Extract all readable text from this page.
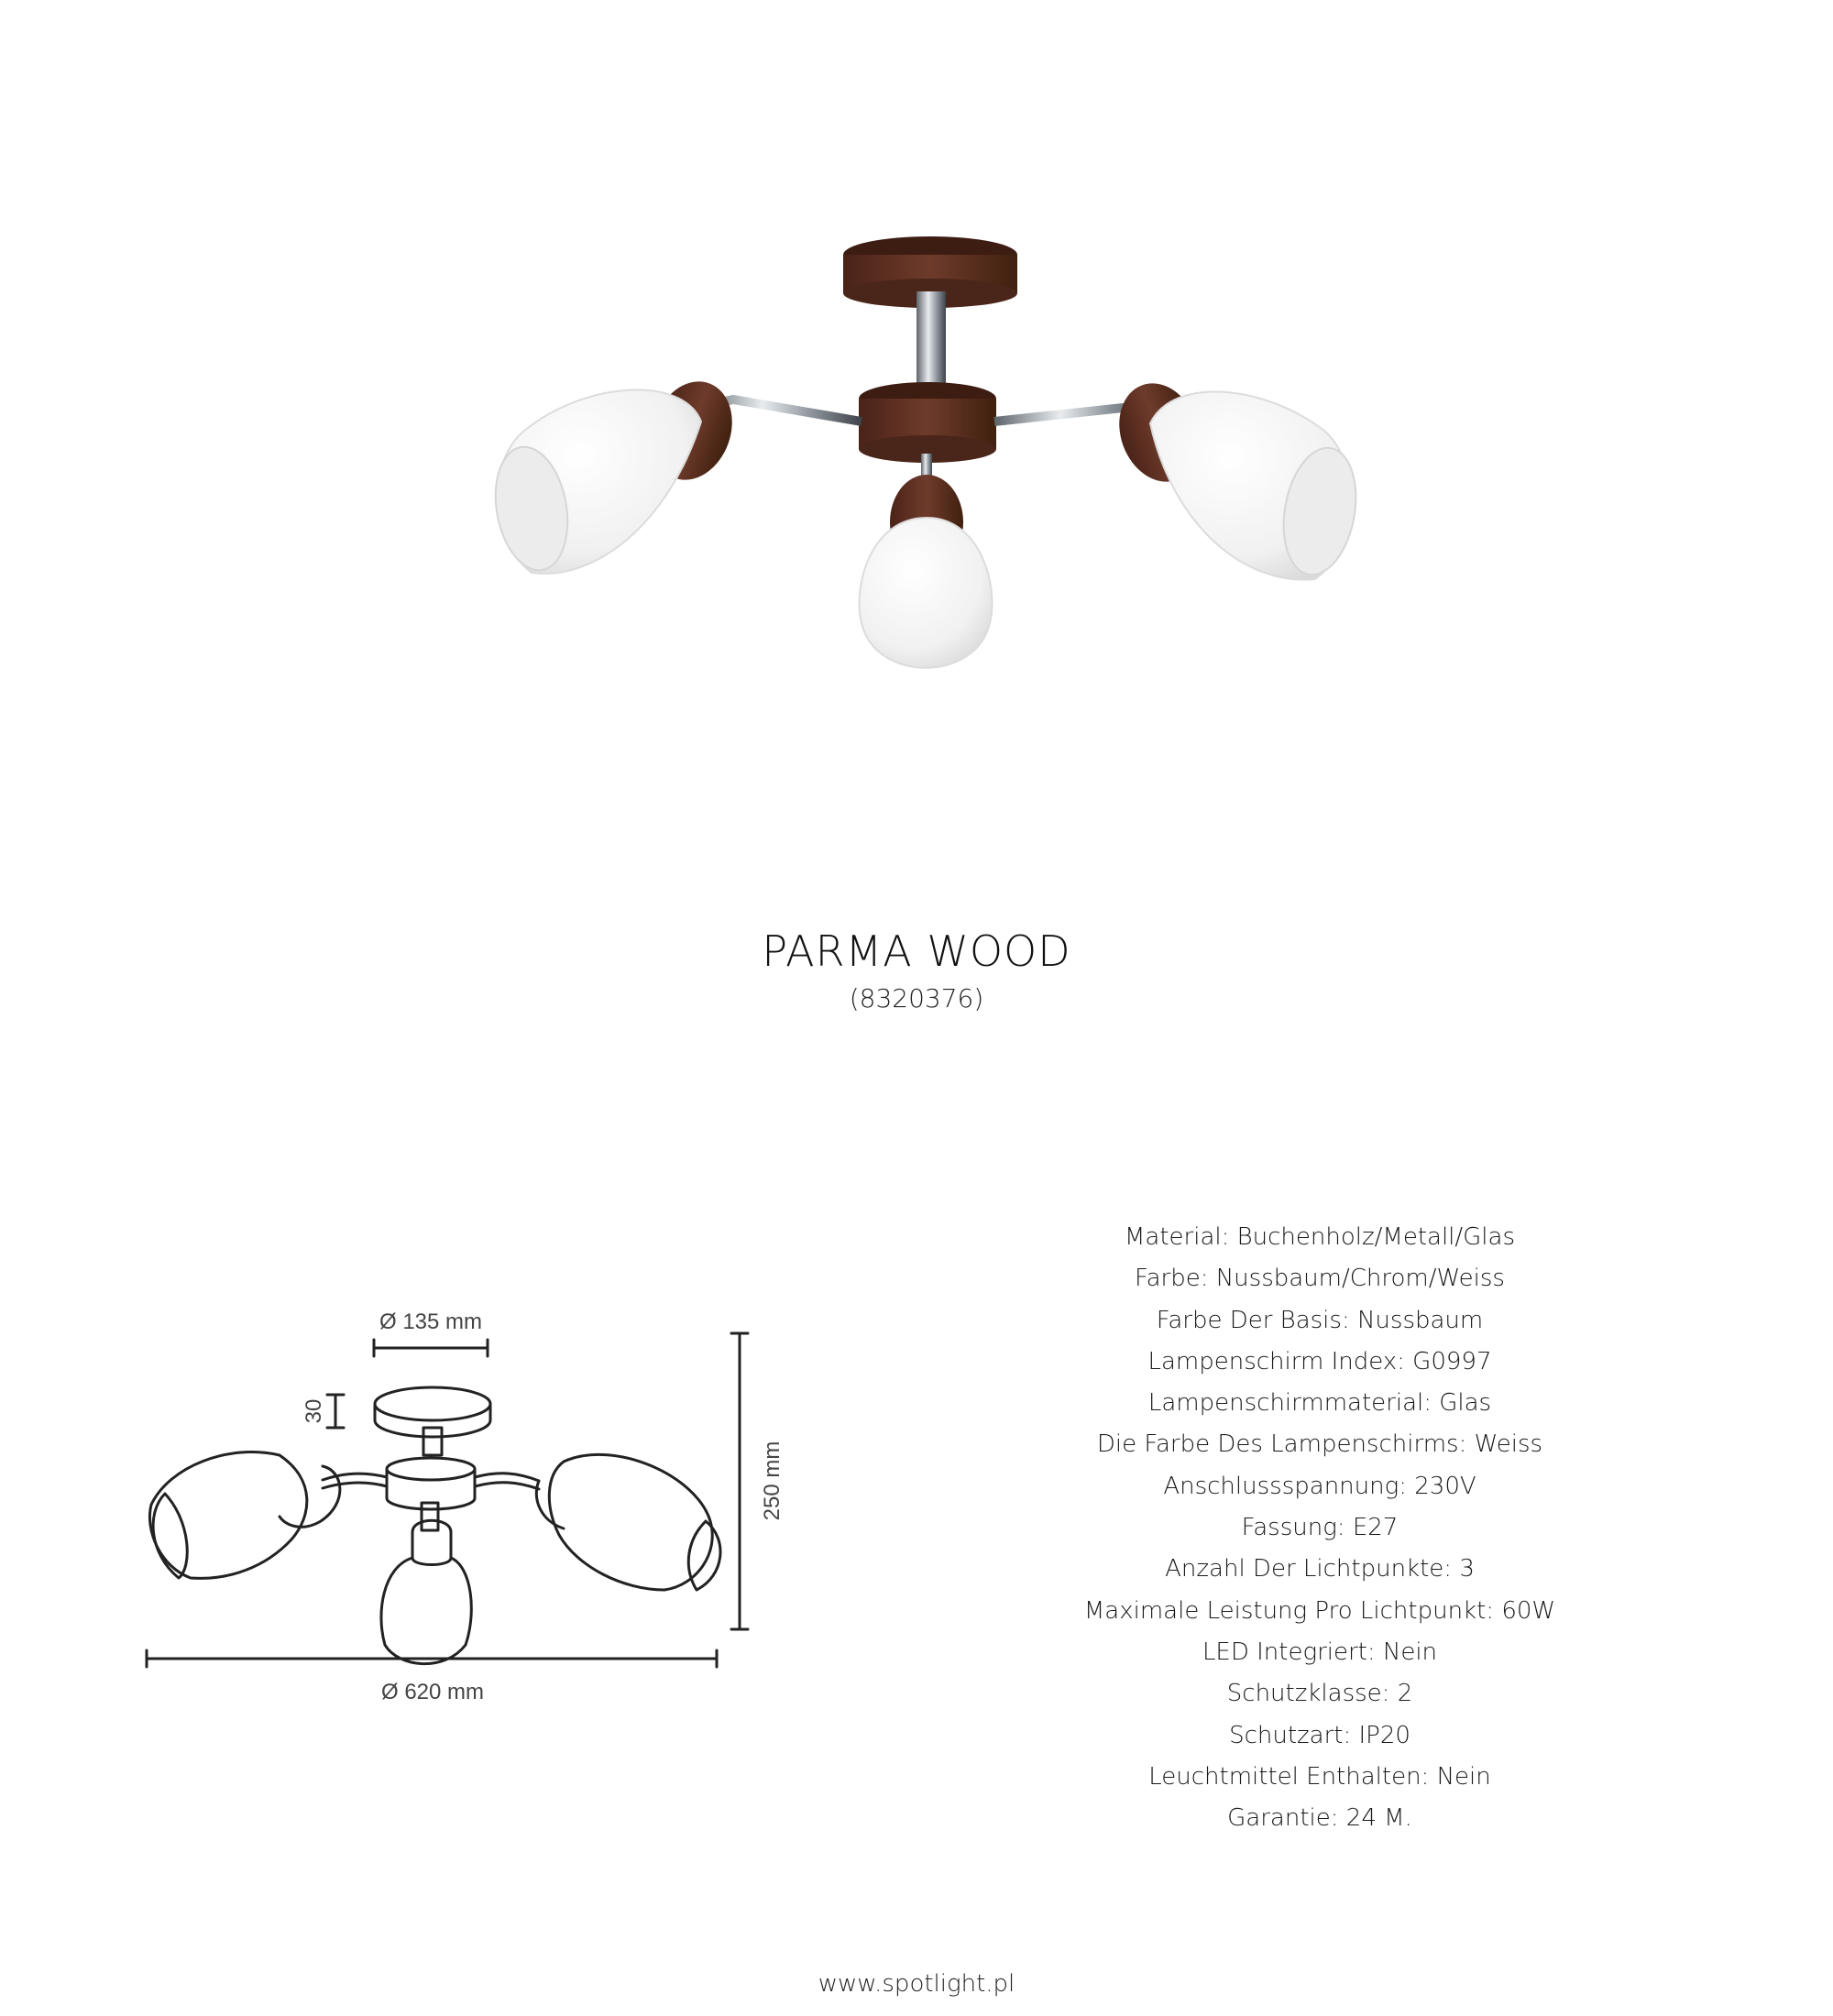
PARMA WOOD
(8320376)
Ø 135 mm
30
250 mm
Ø 620 mm
Material: Buchenholz/Metall/Glas
Farbe: Nussbaum/Chrom/Weiss
Farbe Der Basis: Nussbaum
Lampenschirm Index: G0997
Lampenschirmmaterial: Glas
Die Farbe Des Lampenschirms: Weiss
Anschlussspannung: 230V
Fassung: E27
Anzahl Der Lichtpunkte: 3
Maximale Leistung Pro Lichtpunkt: 60W
LED Integriert: Nein
Schutzklasse: 2
Schutzart: IP20
Leuchtmittel Enthalten: Nein
Garantie: 24 M.
www.spotlight.pl
